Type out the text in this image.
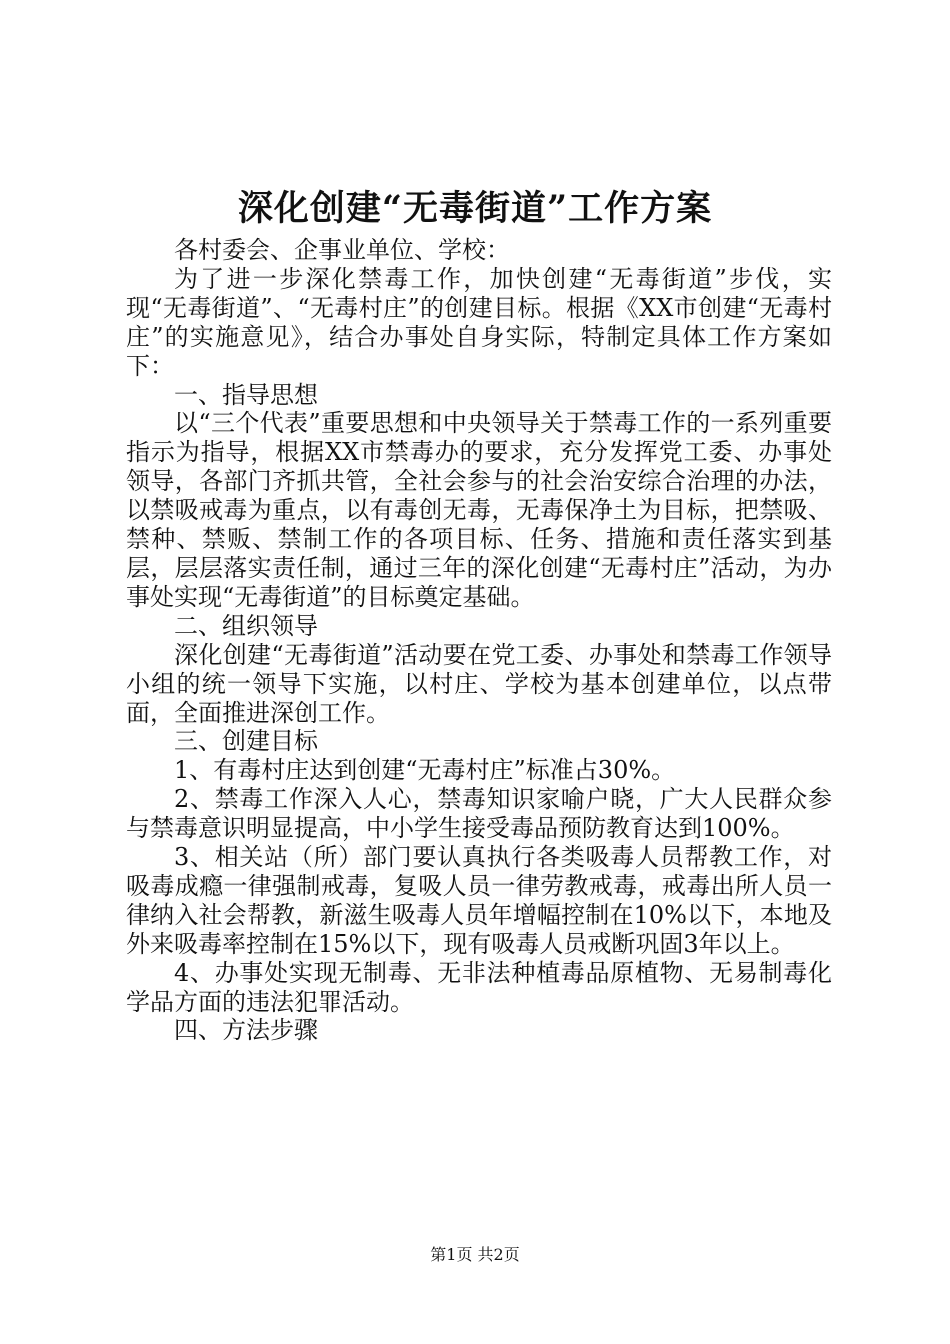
深化创建“无毒街道”工作方案

各村委会、企事业单位、学校：

为了进一步深化禁毒工作，加快创建“无毒街道”步伐，实现“无毒街道”、“无毒村庄”的创建目标。根据《XX市创建“无毒村庄”的实施意见》，结合办事处自身实际，特制定具体工作方案如下：

一、指导思想

以“三个代表”重要思想和中央领导关于禁毒工作的一系列重要指示为指导，根据XX市禁毒办的要求，充分发挥党工委、办事处领导，各部门齐抓共管，全社会参与的社会治安综合治理的办法，以禁吸戒毒为重点，以有毒创无毒，无毒保净土为目标，把禁吸、禁种、禁贩、禁制工作的各项目标、任务、措施和责任落实到基层，层层落实责任制，通过三年的深化创建“无毒村庄”活动，为办事处实现“无毒街道”的目标奠定基础。

二、组织领导

深化创建“无毒街道”活动要在党工委、办事处和禁毒工作领导小组的统一领导下实施，以村庄、学校为基本创建单位，以点带面，全面推进深创工作。

三、创建目标

1、有毒村庄达到创建“无毒村庄”标准占30%。

2、禁毒工作深入人心，禁毒知识家喻户晓，广大人民群众参与禁毒意识明显提高，中小学生接受毒品预防教育达到100%。

3、相关站（所）部门要认真执行各类吸毒人员帮教工作，对吸毒成瘾一律强制戒毒，复吸人员一律劳教戒毒，戒毒出所人员一律纳入社会帮教，新滋生吸毒人员年增幅控制在10%以下，本地及外来吸毒率控制在15%以下，现有吸毒人员戒断巩固3年以上。

4、办事处实现无制毒、无非法种植毒品原植物、无易制毒化学品方面的违法犯罪活动。

四、方法步骤

第1页 共2页
